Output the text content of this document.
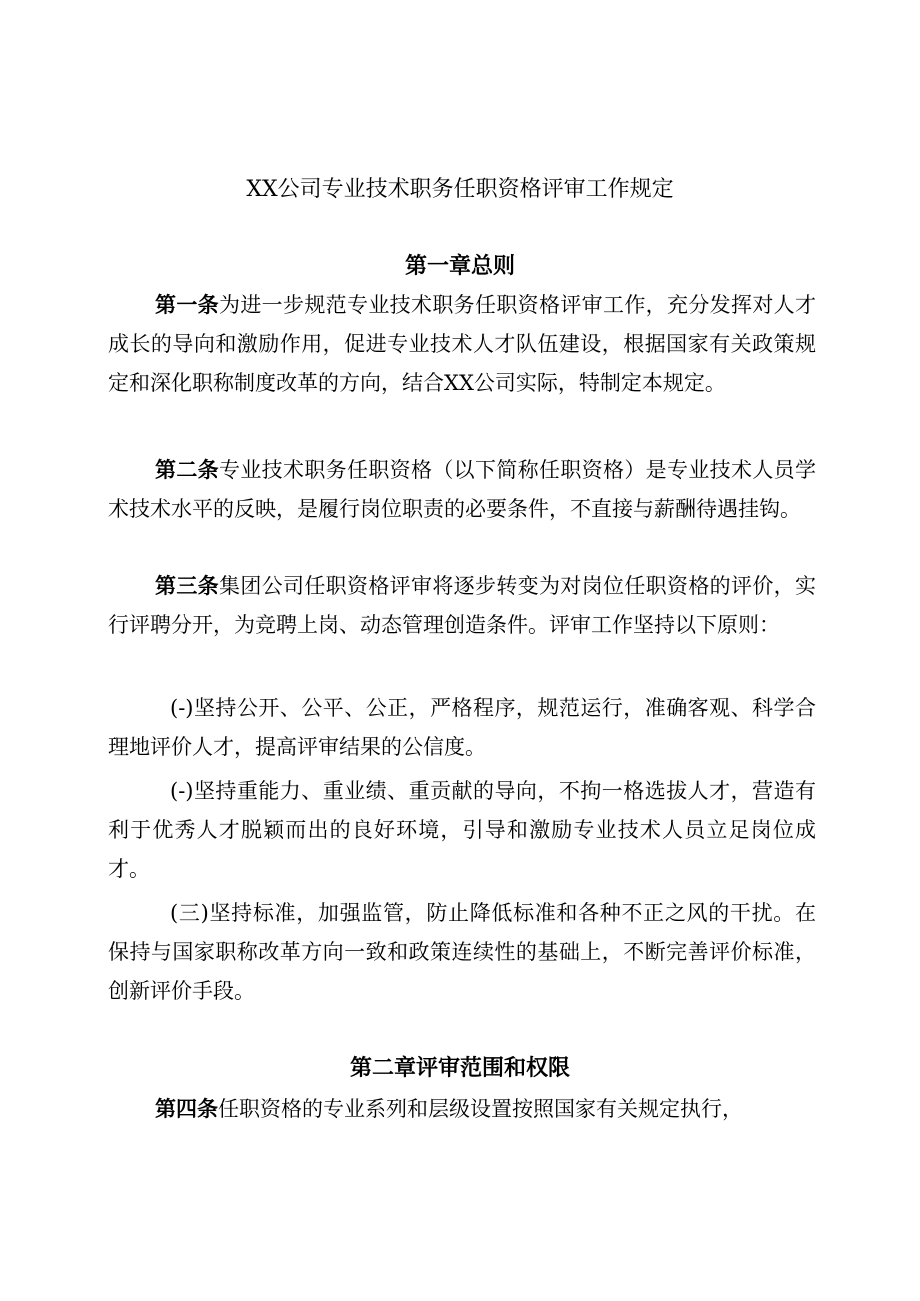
XX公司专业技术职务任职资格评审工作规定
第一章总则
第一条为进一步规范专业技术职务任职资格评审工作，充分发挥对人才成长的导向和激励作用，促进专业技术人才队伍建设，根据国家有关政策规定和深化职称制度改革的方向，结合XX公司实际，特制定本规定。
第二条专业技术职务任职资格（以下简称任职资格）是专业技术人员学术技术水平的反映，是履行岗位职责的必要条件，不直接与薪酬待遇挂钩。
第三条集团公司任职资格评审将逐步转变为对岗位任职资格的评价，实行评聘分开，为竞聘上岗、动态管理创造条件。评审工作坚持以下原则：
(-)坚持公开、公平、公正，严格程序，规范运行，准确客观、科学合理地评价人才，提高评审结果的公信度。
(-)坚持重能力、重业绩、重贡献的导向，不拘一格选拔人才，营造有利于优秀人才脱颖而出的良好环境，引导和激励专业技术人员立足岗位成才。
(三)坚持标准，加强监管，防止降低标准和各种不正之风的干扰。在保持与国家职称改革方向一致和政策连续性的基础上，不断完善评价标准，创新评价手段。
第二章评审范围和权限
第四条任职资格的专业系列和层级设置按照国家有关规定执行，
